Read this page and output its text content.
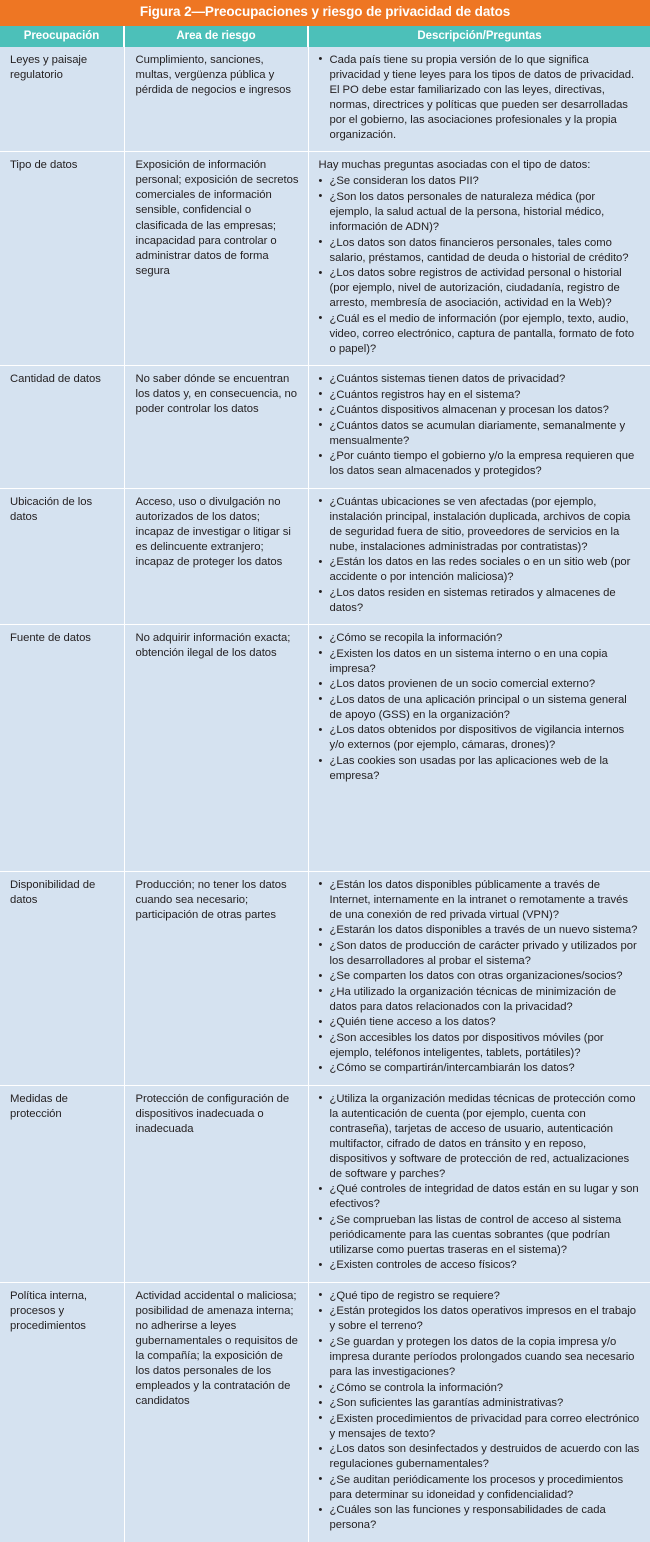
Figura 2—Preocupaciones y riesgo de privacidad de datos
Preocupación	Area de riesgo	Descripción/Preguntas
Leyes y paisaje regulatorio	Cumplimiento, sanciones, multas, vergüenza pública y pérdida de negocios e ingresos	
• Cada país tiene su propia versión de lo que significa privacidad y tiene leyes para los tipos de datos de privacidad. El PO debe estar familiarizado con las leyes, directivas, normas, directrices y políticas que pueden ser desarrolladas por el gobierno, las asociaciones profesionales y la propia organización.

Tipo de datos	Exposición de información personal; exposición de secretos comerciales de información sensible, confidencial o clasificada de las empresas; incapacidad para controlar o administrar datos de forma segura	
Hay muchas preguntas asociadas con el tipo de datos:
• ¿Se consideran los datos PII?
• ¿Son los datos personales de naturaleza médica (por ejemplo, la salud actual de la persona, historial médico, información de ADN)?
• ¿Los datos son datos financieros personales, tales como salario, préstamos, cantidad de deuda o historial de crédito?
• ¿Los datos sobre registros de actividad personal o historial (por ejemplo, nivel de autorización, ciudadanía, registro de arresto, membresía de asociación, actividad en la Web)?
• ¿Cuál es el medio de información (por ejemplo, texto, audio, video, correo electrónico, captura de pantalla, formato de foto o papel)?

Cantidad de datos	No saber dónde se encuentran los datos y, en consecuencia, no poder controlar los datos	
• ¿Cuántos sistemas tienen datos de privacidad?
• ¿Cuántos registros hay en el sistema?
• ¿Cuántos dispositivos almacenan y procesan los datos?
• ¿Cuántos datos se acumulan diariamente, semanalmente y mensualmente?
• ¿Por cuánto tiempo el gobierno y/o la empresa requieren que los datos sean almacenados y protegidos?

Ubicación de los datos	Acceso, uso o divulgación no autorizados de los datos; incapaz de investigar o litigar si es delincuente extranjero; incapaz de proteger los datos	
• ¿Cuántas ubicaciones se ven afectadas (por ejemplo, instalación principal, instalación duplicada, archivos de copia de seguridad fuera de sitio, proveedores de servicios en la nube, instalaciones administradas por contratistas)?
• ¿Están los datos en las redes sociales o en un sitio web (por accidente o por intención maliciosa)?
• ¿Los datos residen en sistemas retirados y almacenes de datos?

Fuente de datos	No adquirir información exacta; obtención ilegal de los datos	
• ¿Cómo se recopila la información?
• ¿Existen los datos en un sistema interno o en una copia impresa?
• ¿Los datos provienen de un socio comercial externo?
• ¿Los datos de una aplicación principal o un sistema general de apoyo (GSS) en la organización?
• ¿Los datos obtenidos por dispositivos de vigilancia internos y/o externos (por ejemplo, cámaras, drones)?
• ¿Las cookies son usadas por las aplicaciones web de la empresa?

Disponibilidad de datos	Producción; no tener los datos cuando sea necesario; participación de otras partes	
• ¿Están los datos disponibles públicamente a través de Internet, internamente en la intranet o remotamente a través de una conexión de red privada virtual (VPN)?
• ¿Estarán los datos disponibles a través de un nuevo sistema?
• ¿Son datos de producción de carácter privado y utilizados por los desarrolladores al probar el sistema?
• ¿Se comparten los datos con otras organizaciones/socios?
• ¿Ha utilizado la organización técnicas de minimización de datos para datos relacionados con la privacidad?
• ¿Quién tiene acceso a los datos?
• ¿Son accesibles los datos por dispositivos móviles (por ejemplo, teléfonos inteligentes, tablets, portátiles)?
• ¿Cómo se compartirán/intercambiarán los datos?

Medidas de protección	Protección de configuración de dispositivos inadecuada o inadecuada	
• ¿Utiliza la organización medidas técnicas de protección como la autenticación de cuenta (por ejemplo, cuenta con contraseña), tarjetas de acceso de usuario, autenticación multifactor, cifrado de datos en tránsito y en reposo, dispositivos y software de protección de red, actualizaciones de software y parches?
• ¿Qué controles de integridad de datos están en su lugar y son efectivos?
• ¿Se comprueban las listas de control de acceso al sistema periódicamente para las cuentas sobrantes (que podrían utilizarse como puertas traseras en el sistema)?
• ¿Existen controles de acceso físicos?

Política interna, procesos y procedimientos	Actividad accidental o maliciosa; posibilidad de amenaza interna; no adherirse a leyes gubernamentales o requisitos de la compañía; la exposición de los datos personales de los empleados y la contratación de candidatos	
• ¿Qué tipo de registro se requiere?
• ¿Están protegidos los datos operativos impresos en el trabajo y sobre el terreno?
• ¿Se guardan y protegen los datos de la copia impresa y/o impresa durante períodos prolongados cuando sea necesario para las investigaciones?
• ¿Cómo se controla la información?
• ¿Son suficientes las garantías administrativas?
• ¿Existen procedimientos de privacidad para correo electrónico y mensajes de texto?
• ¿Los datos son desinfectados y destruidos de acuerdo con las regulaciones gubernamentales?
• ¿Se auditan periódicamente los procesos y procedimientos para determinar su idoneidad y confidencialidad?
• ¿Cuáles son las funciones y responsabilidades de cada persona?
